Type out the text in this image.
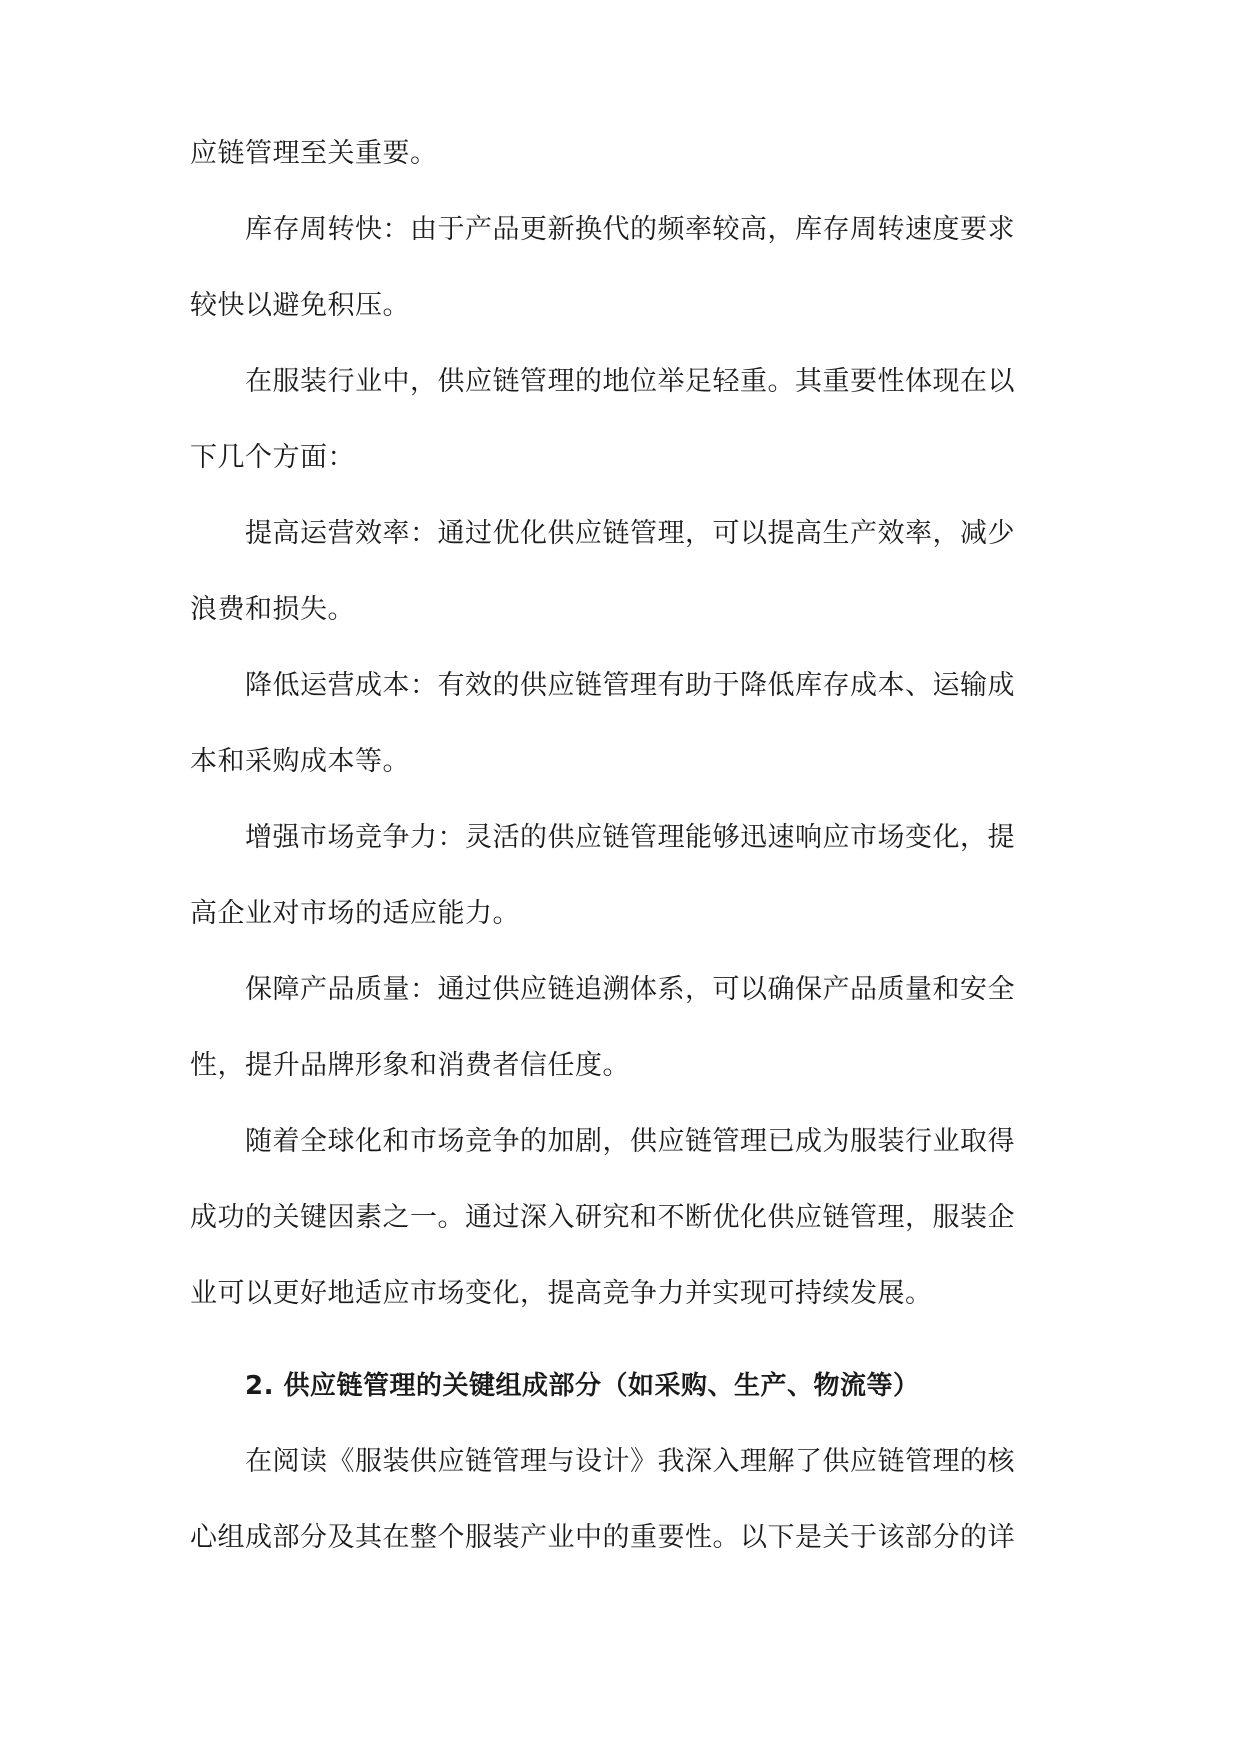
应链管理至关重要。
库存周转快：由于产品更新换代的频率较高，库存周转速度要求
较快以避免积压。
在服装行业中，供应链管理的地位举足轻重。其重要性体现在以
下几个方面：
提高运营效率：通过优化供应链管理，可以提高生产效率，减少
浪费和损失。
降低运营成本：有效的供应链管理有助于降低库存成本、运输成
本和采购成本等。
增强市场竞争力：灵活的供应链管理能够迅速响应市场变化，提
高企业对市场的适应能力。
保障产品质量：通过供应链追溯体系，可以确保产品质量和安全
性，提升品牌形象和消费者信任度。
随着全球化和市场竞争的加剧，供应链管理已成为服装行业取得
成功的关键因素之一。通过深入研究和不断优化供应链管理，服装企
业可以更好地适应市场变化，提高竞争力并实现可持续发展。
2. 供应链管理的关键组成部分（如采购、生产、物流等）
在阅读《服装供应链管理与设计》我深入理解了供应链管理的核
心组成部分及其在整个服装产业中的重要性。以下是关于该部分的详
